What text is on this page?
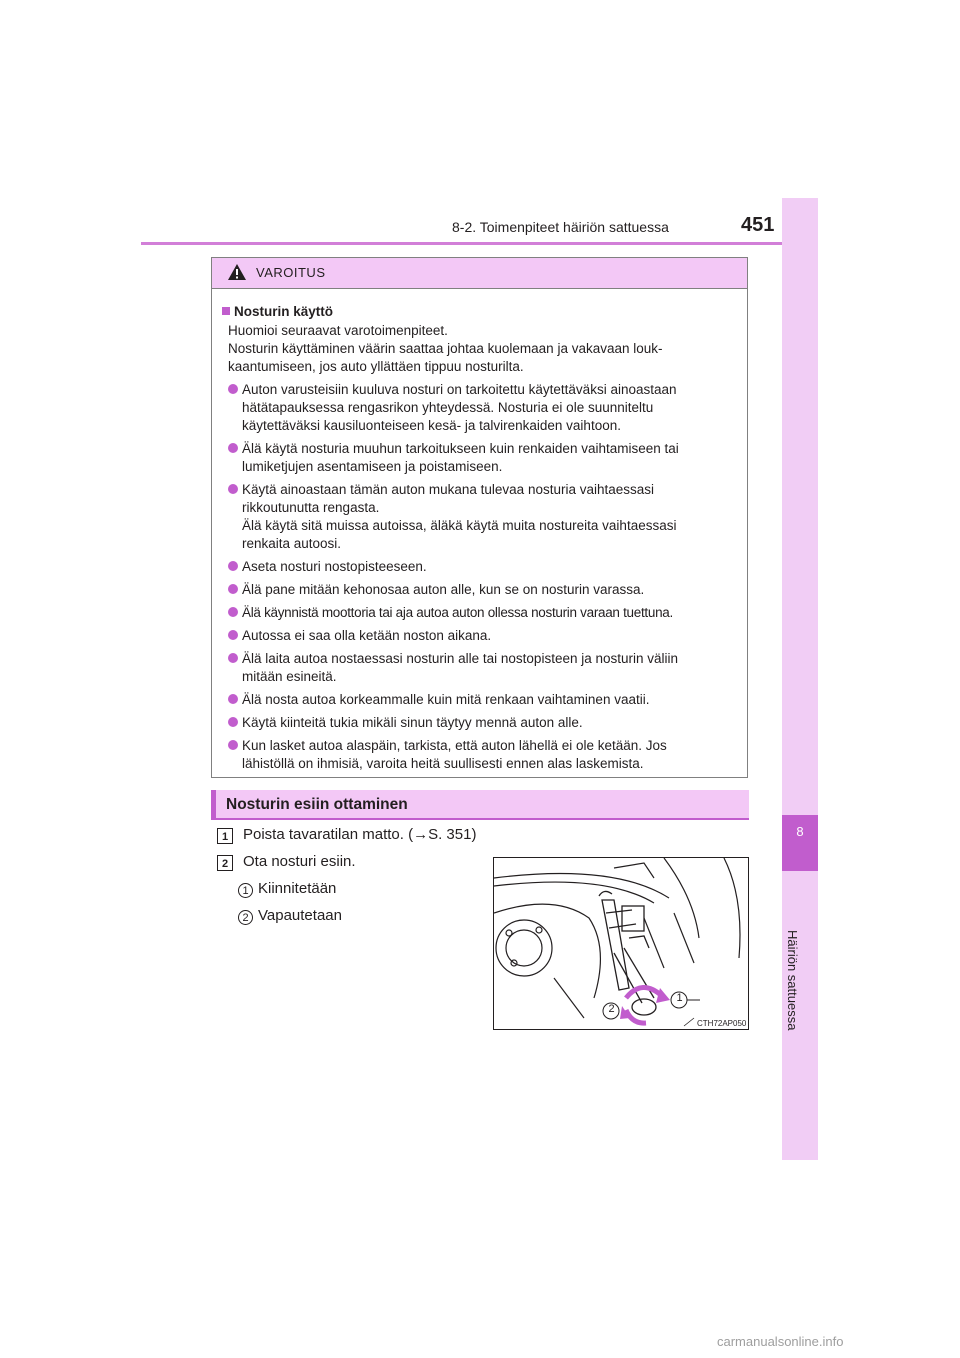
8-2. Toimenpiteet häiriön sattuessa	451
8
Häiriön sattuessa
VAROITUS
Nosturin käyttö
Huomioi seuraavat varotoimenpiteet.
Nosturin käyttäminen väärin saattaa johtaa kuolemaan ja vakavaan louk-
kaantumiseen, jos auto yllättäen tippuu nosturilta.
Auton varusteisiin kuuluva nosturi on tarkoitettu käytettäväksi ainoastaan
hätätapauksessa rengasrikon yhteydessä. Nosturia ei ole suunniteltu
käytettäväksi kausiluonteiseen kesä- ja talvirenkaiden vaihtoon.
Älä käytä nosturia muuhun tarkoitukseen kuin renkaiden vaihtamiseen tai
lumiketjujen asentamiseen ja poistamiseen.
Käytä ainoastaan tämän auton mukana tulevaa nosturia vaihtaessasi
rikkoutunutta rengasta.
Älä käytä sitä muissa autoissa, äläkä käytä muita nostureita vaihtaessasi
renkaita autoosi.
Aseta nosturi nostopisteeseen.
Älä pane mitään kehonosaa auton alle, kun se on nosturin varassa.
Älä käynnistä moottoria tai aja autoa auton ollessa nosturin varaan tuettuna.
Autossa ei saa olla ketään noston aikana.
Älä laita autoa nostaessasi nosturin alle tai nostopisteen ja nosturin väliin
mitään esineitä.
Älä nosta autoa korkeammalle kuin mitä renkaan vaihtaminen vaatii.
Käytä kiinteitä tukia mikäli sinun täytyy mennä auton alle.
Kun lasket autoa alaspäin, tarkista, että auton lähellä ei ole ketään. Jos
lähistöllä on ihmisiä, varoita heitä suullisesti ennen alas laskemista.
Nosturin esiin ottaminen
1 Poista tavaratilan matto. (→S. 351)
2 Ota nosturi esiin.
1 Kiinnitetään
2 Vapautetaan
1
2
CTH72AP050
carmanualsonline.info
